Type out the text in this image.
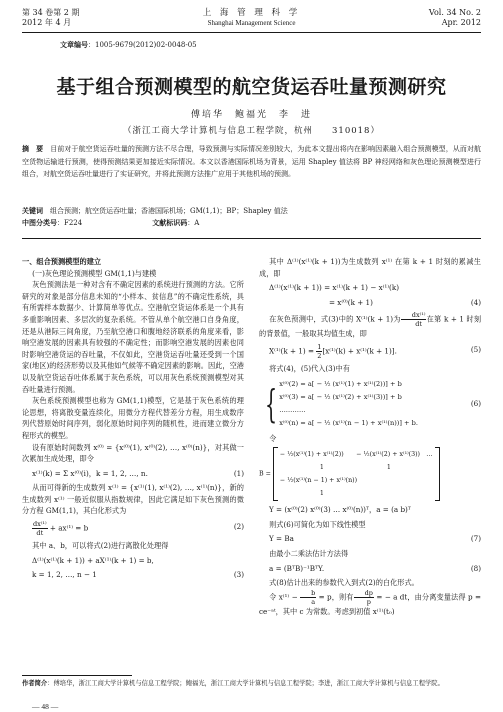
第 34 卷第 2 期
2012 年 4 月
上 海 管 理 科 学
Shanghai Management Science
Vol. 34 No. 2
Apr. 2012
文章编号：1005-9679(2012)02-0048-05
基于组合预测模型的航空货运吞吐量预测研究
傅培华　鲍福光　李　进
（浙江工商大学计算机与信息工程学院，杭州　　310018）
摘　要　 目前对于航空货运吞吐量的预测方法不尽合理，导致预测与实际情况差别较大，为此本文提出将内在影响因素融入组合预测模型，从而对航空货物运输进行预测，使得预测结果更加接近实际情况。本文以香港国际机场为背景，运用 Shapley 值法将 BP 神经网络和灰色理论预测模型进行组合，对航空货运吞吐量进行了实证研究，并将此预测方法推广应用于其他机场的预测。
关键词　 组合预测；航空货运吞吐量；香港国际机场；GM(1,1)；BP；Shapley 值法
中图分类号：F224	文献标识码：A

一、组合预测模型的建立

(一)灰色理论预测模型 GM(1,1)与建模

灰色预测法是一种对含有不确定因素的系统进行预测的方法。它所研究的对象是部分信息未知的“小样本、贫信息”的不确定性系统，具有所需样本数据少、计算简单等优点。空港航空货运体系是一个具有多重影响因素、多层次的复杂系统。不管从单个航空港口自身角度，还是从港际三间角度，乃至航空港口和腹地经济联系的角度来看，影响空港发展的因素具有较强的不确定性；而影响空港发展的因素也同时影响空港货运的吞吐量，不仅如此，空港货运吞吐量还受到一个国家(地区)的经济形势以及其他如气候等不确定因素的影响。因此，空港以及航空货运吞吐体系属于灰色系统，可以用灰色系统预测模型对其吞吐量进行预测。

灰色系统预测模型也称为 GM(1,1)模型，它是基于灰色系统的理论思想，将离散变量连续化，用微分方程代替差分方程，用生成数序列代替原始时间序列，弱化原始时间序列的随机性，进而建立微分方程形式的模型。

设有原始时间数列 x⁽⁰⁾ = {x⁽⁰⁾(1), x⁽⁰⁾(2), …, x⁽⁰⁾(n)}，对其做一次累加生成处理，即令

x⁽¹⁾(k) = Σ x⁽⁰⁾(i)，k = 1, 2, …, n.	(1)

从而可得新的生成数列 x⁽¹⁾ = {x⁽¹⁾(1), x⁽¹⁾(2), …, x⁽¹⁾(n)}，新的生成数列 x⁽¹⁾ 一般近似服从指数规律，因此它满足如下灰色预测的微分方程 GM(1,1)，其白化形式为

$\frac{\text{dx⁽¹⁾}}{dt} + ax^{(1)} = b$	(2)

其中 a、b，可以将式(2)进行离散化处理得

Δ⁽¹⁾(x⁽¹⁾(k + 1)) + aX⁽¹⁾(k + 1) = b,
k = 1, 2, …, n − 1	(3)

其中 Δ⁽¹⁾(x⁽¹⁾(k + 1))为生成数列 x⁽¹⁾ 在第 k + 1 时刻的累减生成，即

Δ⁽¹⁾(x⁽¹⁾(k + 1)) = x⁽¹⁾(k + 1) − x⁽¹⁾(k)
= x⁽⁰⁾(k + 1)	(4)

在灰色预测中，式(3)中的 X⁽¹⁾(k + 1)为 $\frac{\text{dx⁽¹⁾}}{dt}$ 在第 k + 1 时刻的背景值，一般取其均值生成，即

$X^{(1)}(k + 1) = \frac{1}{2} [x^{(1)}(k) + x^{(1)}(k + 1)]$.	(5)

将式(4)，(5)代入(3)中有

{ x⁽⁰⁾(2) = a[ − ½ (x⁽¹⁾(1) + x⁽¹⁾(2))] + b
x⁽⁰⁾(3) = a[ − ½ (x⁽¹⁾(2) + x⁽¹⁾(3))] + b
…………
x⁽⁰⁾(n) = a[ − ½ (x⁽¹⁾(n − 1) + x⁽¹⁾(n))] + b.
(6)

令

B =
− ½(x⁽¹⁾(1) + x⁽¹⁾(2))　　− ½(x⁽¹⁾(2) + x⁽¹⁾(3))　…
1　　　　　　　　　　1
− ½(x⁽¹⁾(n − 1) + x⁽¹⁾(n))
1
Y = (x⁽⁰⁾(2) x⁽⁰⁾(3) … x⁽⁰⁾(n))ᵀ，a = (a b)ᵀ

则式(6)可简化为如下线性模型

Y = Ba	(7)

由最小二乘法估计方法得

a = (BᵀB)⁻¹BᵀY.	(8)

式(8)估计出来的参数代入到式(2)的白化形式。

令 $x^{(1)} - \frac{b}{a} = p$，则有 $\frac{dp}{p}$ = − a dt，由分离变量法得 p = ce⁻ᵃᵗ，其中 c 为常数。考虑到初值 x⁽¹⁾(t₀)

作者简介：傅培华，浙江工商大学计算机与信息工程学院；鲍福光，浙江工商大学计算机与信息工程学院；李进，浙江工商大学计算机与信息工程学院。
— 48 —
